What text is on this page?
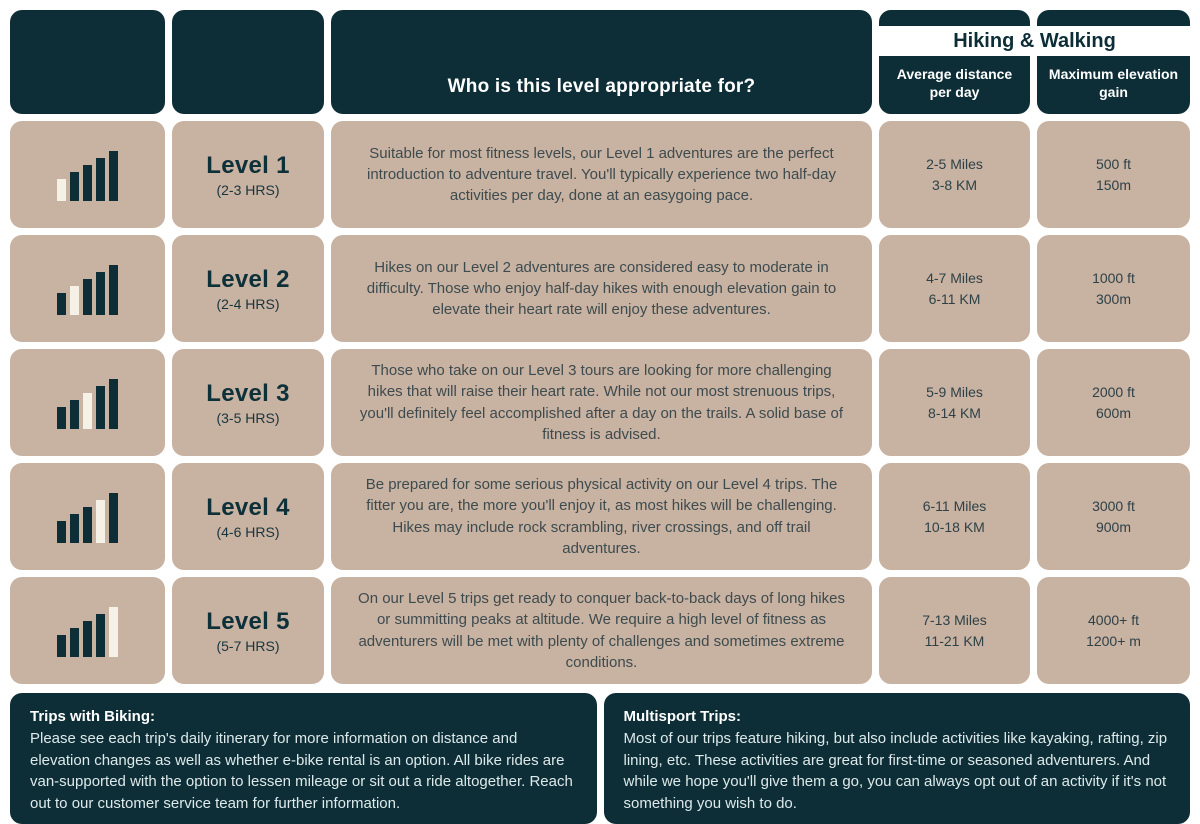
Who is this level appropriate for?
Average distance per day
Maximum elevation gain
Hiking & Walking
Level 1
(2-3 HRS)
Suitable for most fitness levels, our Level 1 adventures are the perfect introduction to adventure travel. You'll typically experience two half-day activities per day, done at an easygoing pace.
2-5 Miles
3-8 KM
500 ft
150m
Level 2
(2-4 HRS)
Hikes on our Level 2 adventures are considered easy to moderate in difficulty. Those who enjoy half-day hikes with enough elevation gain to elevate their heart rate will enjoy these adventures.
4-7 Miles
6-11 KM
1000 ft
300m
Level 3
(3-5 HRS)
Those who take on our Level 3 tours are looking for more challenging hikes that will raise their heart rate. While not our most strenuous trips, you'll definitely feel accomplished after a day on the trails. A solid base of fitness is advised.
5-9 Miles
8-14 KM
2000 ft
600m
Level 4
(4-6 HRS)
Be prepared for some serious physical activity on our Level 4 trips. The fitter you are, the more you'll enjoy it, as most hikes will be challenging. Hikes may include rock scrambling, river crossings, and off trail adventures.
6-11 Miles
10-18 KM
3000 ft
900m
Level 5
(5-7 HRS)
On our Level 5 trips get ready to conquer back-to-back days of long hikes or summitting peaks at altitude. We require a high level of fitness as adventurers will be met with plenty of challenges and sometimes extreme conditions.
7-13 Miles
11-21 KM
4000+ ft
1200+ m
Trips with Biking:
Please see each trip's daily itinerary for more information on distance and elevation changes as well as whether e-bike rental is an option. All bike rides are van-supported with the option to lessen mileage or sit out a ride altogether. Reach out to our customer service team for further information.
Multisport Trips:
Most of our trips feature hiking, but also include activities like kayaking, rafting, zip lining, etc. These activities are great for first-time or seasoned adventurers. And while we hope you'll give them a go, you can always opt out of an activity if it's not something you wish to do.
